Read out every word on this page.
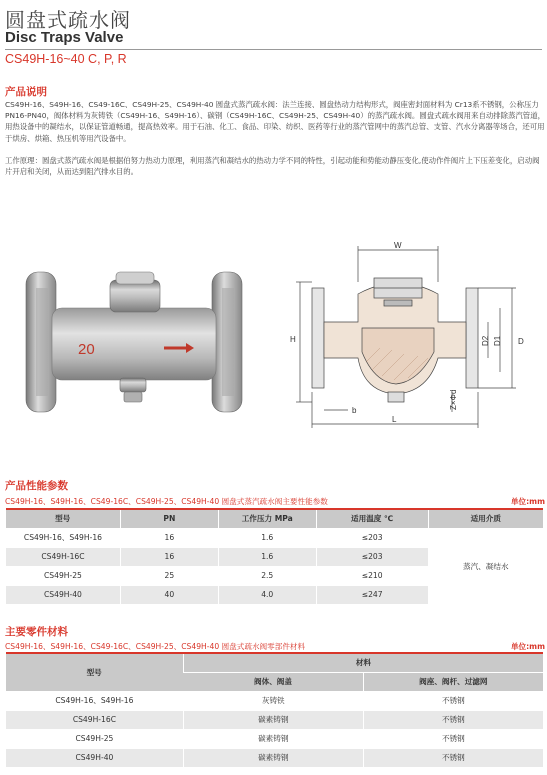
圆盘式疏水阀
Disc Traps Valve
CS49H-16~40 C, P, R
产品说明
CS49H-16、S49H-16、CS49-16C、CS49H-25、CS49H-40 圆盘式蒸汽疏水阀：法兰连接、圆盘热动力结构形式，阀座密封面材料为 Cr13系不锈钢，公称压力 PN16-PN40，阀体材料为灰铸铁（CS49H-16、S49H-16）、碳钢（CS49H-16C、CS49H-25、CS49H-40）的蒸汽疏水阀。圆盘式疏水阀用来自动排除蒸汽管道，用热设备中的凝结水，以保证管道畅通，提高热效率。用于石油、化工、食品、印染、纺织、医药等行业的蒸汽管网中的蒸汽总管、支管、汽水分离器等场合，还可用于烘房、烘箱、热压机等用汽设备中。
工作原理：圆盘式蒸汽疏水阀是根据伯努力热动力原理，利用蒸汽和凝结水的热动力学不同的特性，引起动能和势能动静压变化,使动作件阀片上下压差变化，启动阀片开启和关闭，从而达到阻汽排水目的。
20
W
H	D2 D1 D
b
L
Z×Φd
产品性能参数
CS49H-16、S49H-16、CS49-16C、CS49H-25、CS49H-40 圆盘式蒸汽疏水阀主要性能参数	单位:mm
型号	PN	工作压力 MPa	适用温度 ℃	适用介质
CS49H-16、S49H-16	16	1.6	≤203	蒸汽、凝结水
CS49H-16C	16	1.6	≤203	
CS49H-25	25	2.5	≤210	
CS49H-40	40	4.0	≤247	
主要零件材料
CS49H-16、S49H-16、CS49-16C、CS49H-25、CS49H-40 圆盘式疏水阀零部件材料	单位:mm
型号	材料	
	阀体、阀盖	阀座、阀杆、过滤网
CS49H-16、S49H-16	灰铸铁	不锈钢
CS49H-16C	碳素铸钢	不锈钢
CS49H-25	碳素铸钢	不锈钢
CS49H-40	碳素铸钢	不锈钢
